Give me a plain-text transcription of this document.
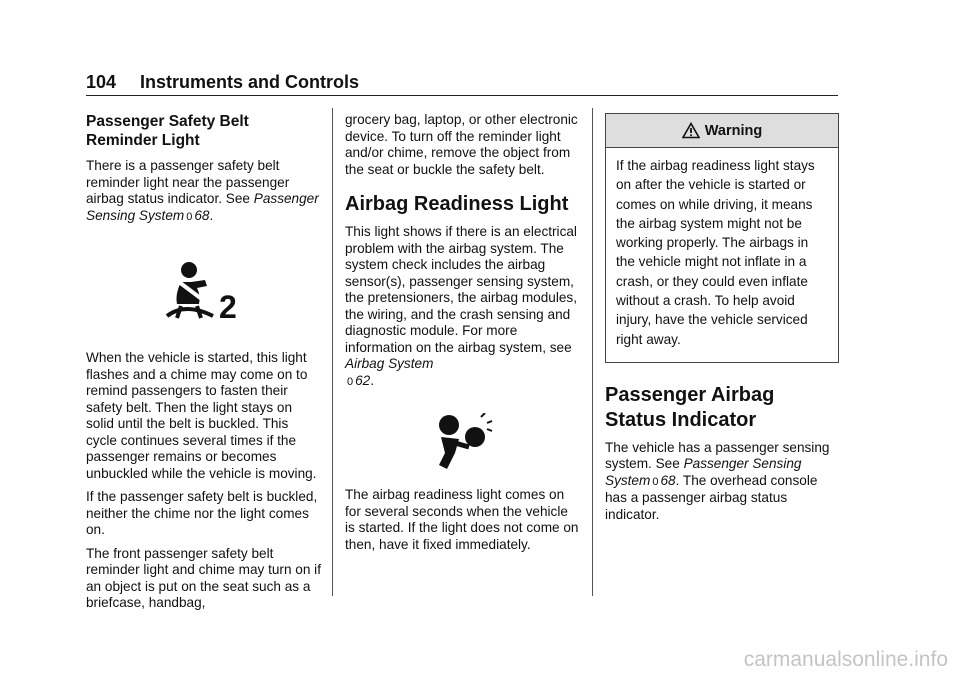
104 Instruments and Controls
Passenger Safety Belt Reminder Light

There is a passenger safety belt reminder light near the passenger airbag status indicator. See Passenger Sensing System 0 68.

2

When the vehicle is started, this light flashes and a chime may come on to remind passengers to fasten their safety belt. Then the light stays on solid until the belt is buckled. This cycle continues several times if the passenger remains or becomes unbuckled while the vehicle is moving.

If the passenger safety belt is buckled, neither the chime nor the light comes on.

The front passenger safety belt reminder light and chime may turn on if an object is put on the seat such as a briefcase, handbag,

grocery bag, laptop, or other electronic device. To turn off the reminder light and/or chime, remove the object from the seat or buckle the safety belt.

Airbag Readiness Light

This light shows if there is an electrical problem with the airbag system. The system check includes the airbag sensor(s), passenger sensing system, the pretensioners, the airbag modules, the wiring, and the crash sensing and diagnostic module. For more information on the airbag system, see Airbag System
0 62.

The airbag readiness light comes on for several seconds when the vehicle is started. If the light does not come on then, have it fixed immediately.

Warning

If the airbag readiness light stays on after the vehicle is started or comes on while driving, it means the airbag system might not be working properly. The airbags in the vehicle might not inflate in a crash, or they could even inflate without a crash. To help avoid injury, have the vehicle serviced right away.

Passenger Airbag Status Indicator

The vehicle has a passenger sensing system. See Passenger Sensing System 0 68. The overhead console has a passenger airbag status indicator.

carmanualsonline.info
